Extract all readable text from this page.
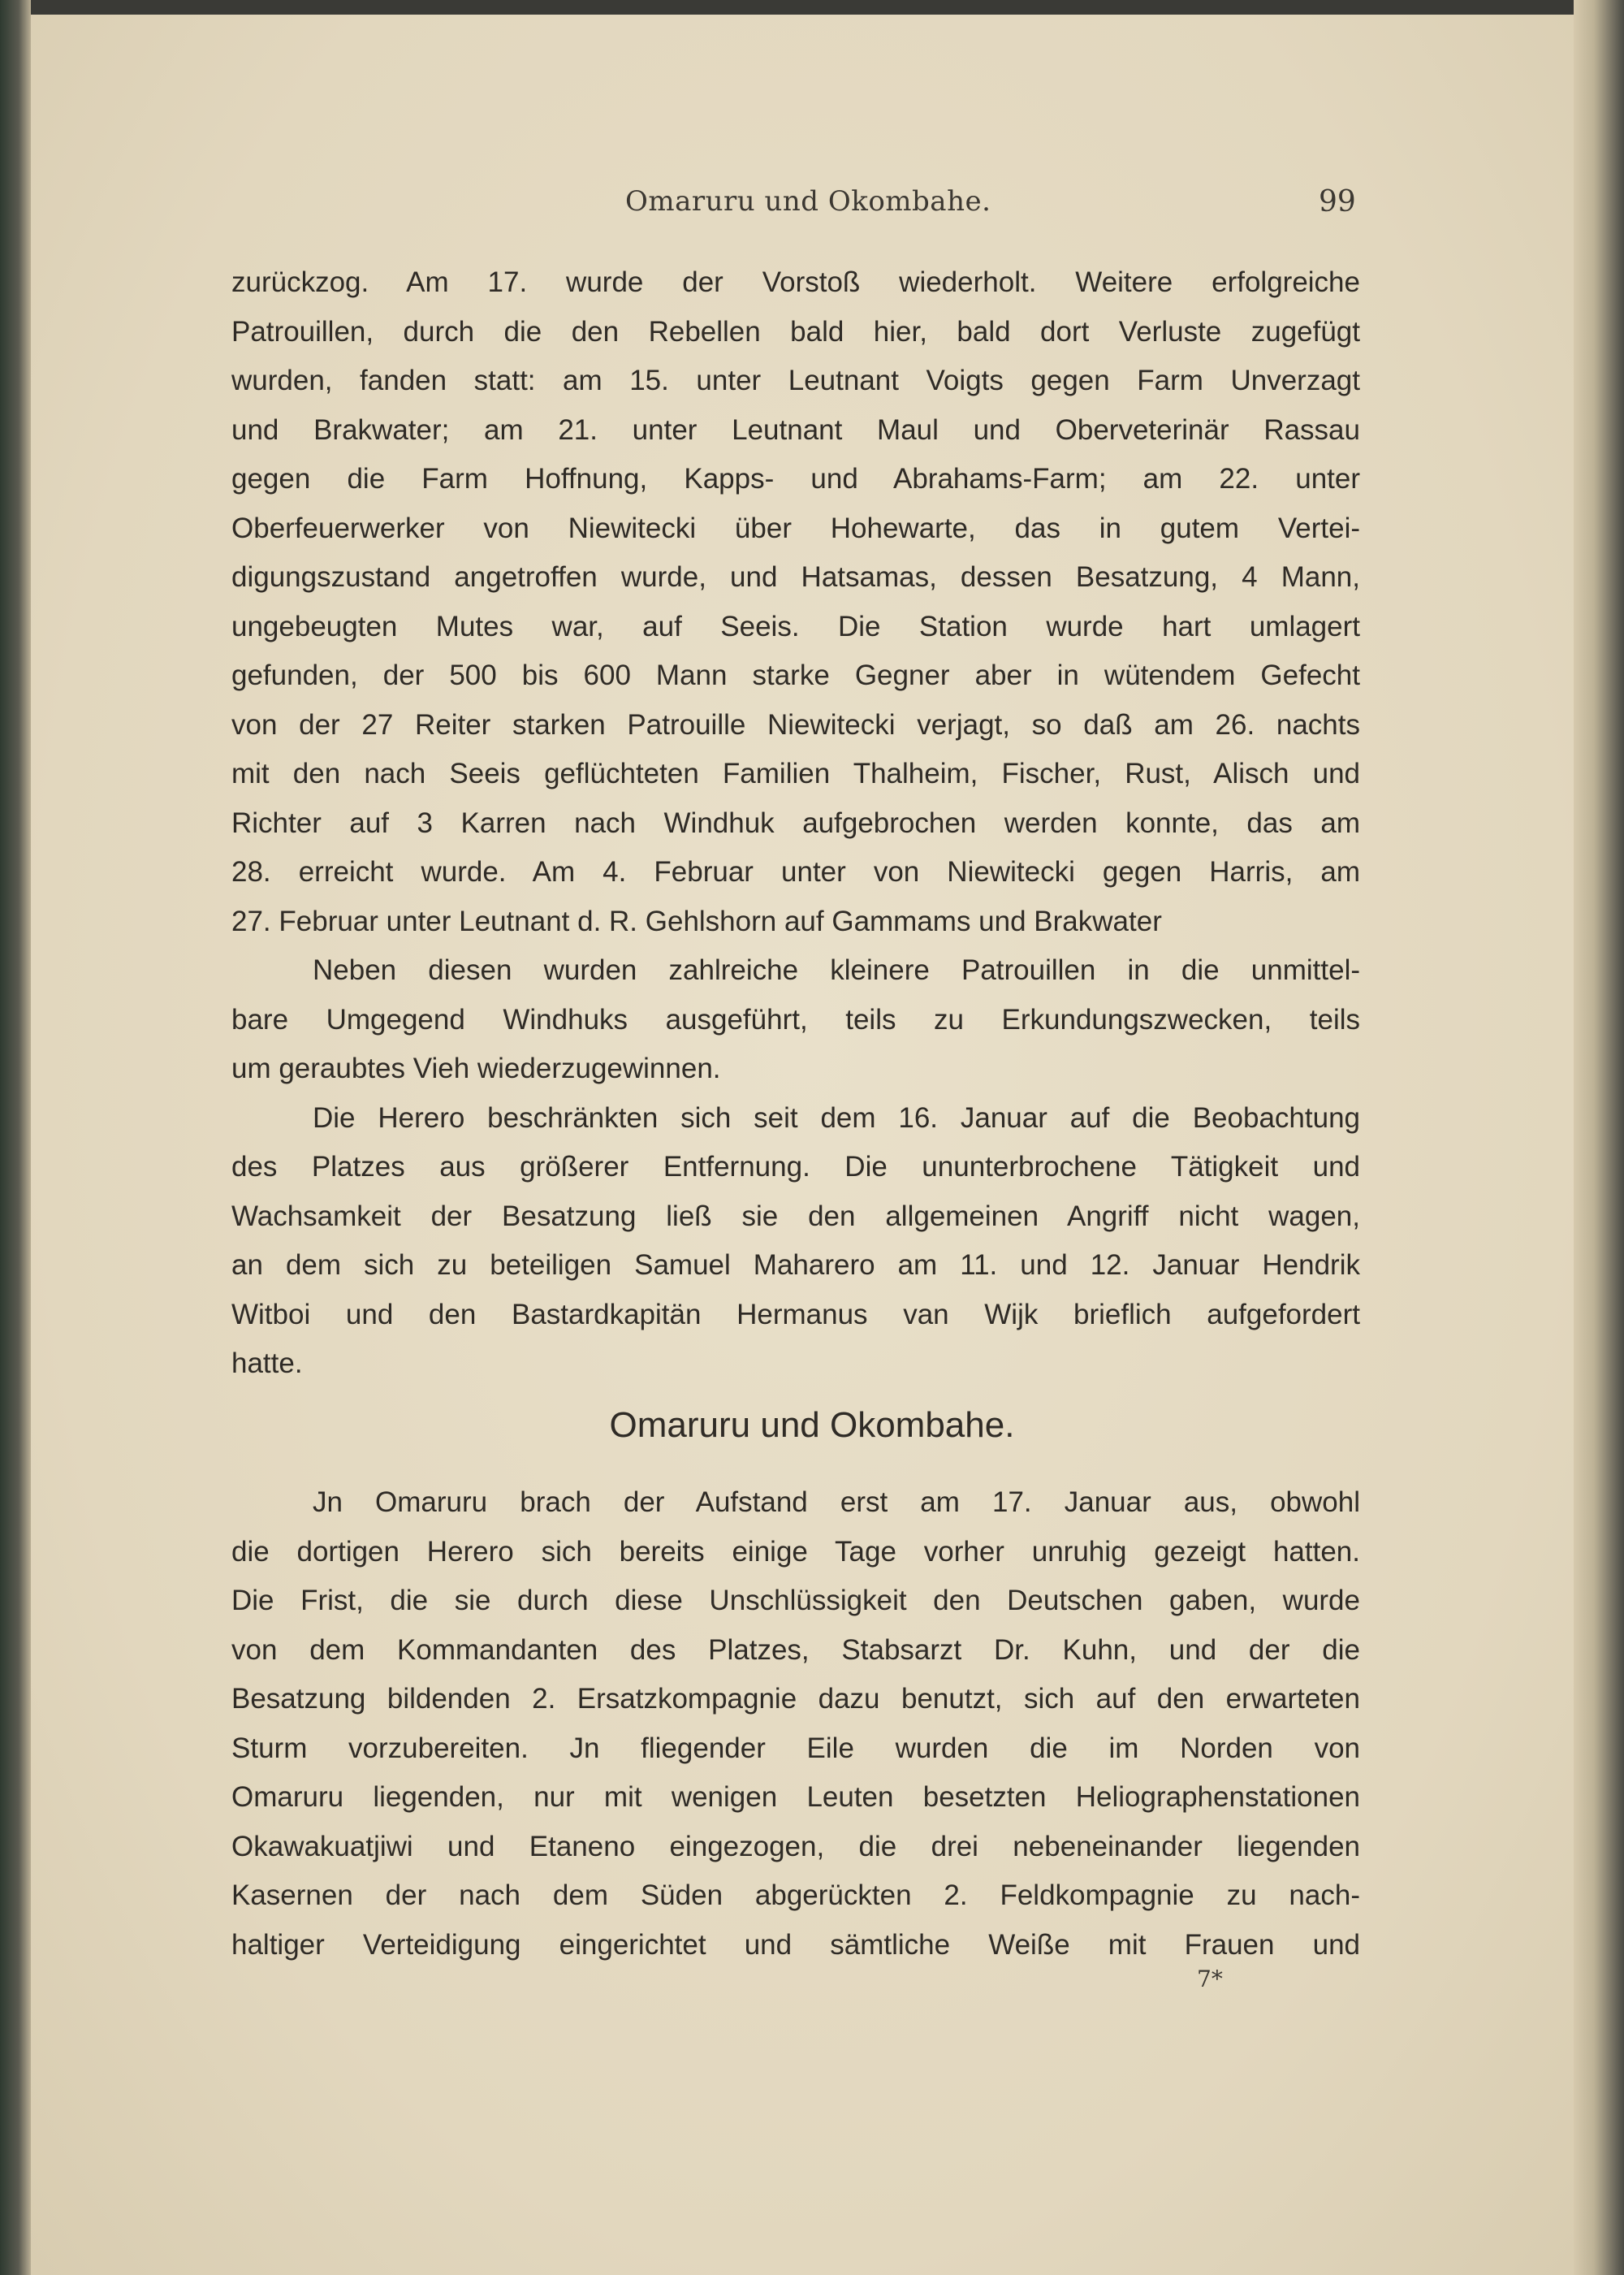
Omaruru und Okombahe.	99
zurückzog. Am 17. wurde der Vorstoß wiederholt. Weitere erfolgreiche
Patrouillen, durch die den Rebellen bald hier, bald dort Verluste zugefügt
wurden, fanden statt: am 15. unter Leutnant Voigts gegen Farm Unverzagt
und Brakwater; am 21. unter Leutnant Maul und Oberveterinär Rassau
gegen die Farm Hoffnung, Kapps- und Abrahams-Farm; am 22. unter
Oberfeuerwerker von Niewitecki über Hohewarte, das in gutem Vertei-
digungszustand angetroffen wurde, und Hatsamas, dessen Besatzung, 4 Mann,
ungebeugten Mutes war, auf Seeis. Die Station wurde hart umlagert
gefunden, der 500 bis 600 Mann starke Gegner aber in wütendem Gefecht
von der 27 Reiter starken Patrouille Niewitecki verjagt, so daß am 26. nachts
mit den nach Seeis geflüchteten Familien Thalheim, Fischer, Rust, Alisch und
Richter auf 3 Karren nach Windhuk aufgebrochen werden konnte, das am
28. erreicht wurde. Am 4. Februar unter von Niewitecki gegen Harris, am
27. Februar unter Leutnant d. R. Gehlshorn auf Gammams und Brakwater
Neben diesen wurden zahlreiche kleinere Patrouillen in die unmittel-
bare Umgegend Windhuks ausgeführt, teils zu Erkundungszwecken, teils
um geraubtes Vieh wiederzugewinnen.
Die Herero beschränkten sich seit dem 16. Januar auf die Beobachtung
des Platzes aus größerer Entfernung. Die ununterbrochene Tätigkeit und
Wachsamkeit der Besatzung ließ sie den allgemeinen Angriff nicht wagen,
an dem sich zu beteiligen Samuel Maharero am 11. und 12. Januar Hendrik
Witboi und den Bastardkapitän Hermanus van Wijk brieflich aufgefordert
hatte.
Omaruru und Okombahe.
Jn Omaruru brach der Aufstand erst am 17. Januar aus, obwohl
die dortigen Herero sich bereits einige Tage vorher unruhig gezeigt hatten.
Die Frist, die sie durch diese Unschlüssigkeit den Deutschen gaben, wurde
von dem Kommandanten des Platzes, Stabsarzt Dr. Kuhn, und der die
Besatzung bildenden 2. Ersatzkompagnie dazu benutzt, sich auf den erwarteten
Sturm vorzubereiten. Jn fliegender Eile wurden die im Norden von
Omaruru liegenden, nur mit wenigen Leuten besetzten Heliographenstationen
Okawakuatjiwi und Etaneno eingezogen, die drei nebeneinander liegenden
Kasernen der nach dem Süden abgerückten 2. Feldkompagnie zu nach-
haltiger Verteidigung eingerichtet und sämtliche Weiße mit Frauen und
7*
